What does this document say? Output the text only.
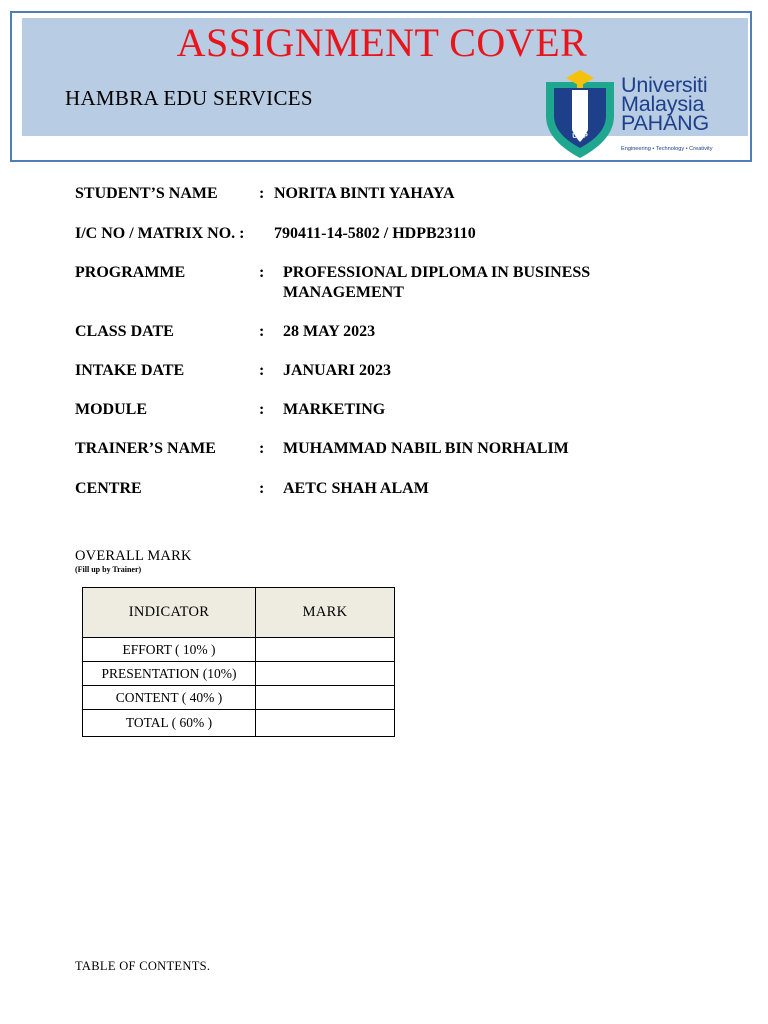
ASSIGNMENT COVER
HAMBRA EDU SERVICES
UMP
Universiti
Malaysia
PAHANG
Engineering • Technology • Creativity
STUDENT’S NAME	: NORITA BINTI YAHAYA
I/C NO / MATRIX NO. : 790411-14-5802 / HDPB23110
PROGRAMME	: PROFESSIONAL DIPLOMA IN BUSINESS MANAGEMENT
CLASS DATE	: 28 MAY 2023
INTAKE DATE	: JANUARI 2023
MODULE	: MARKETING
TRAINER’S NAME	: MUHAMMAD NABIL BIN NORHALIM
CENTRE	: AETC SHAH ALAM
OVERALL MARK
(Fill up by Trainer)
INDICATOR	MARK
EFFORT ( 10% )	
PRESENTATION (10%)	
CONTENT ( 40% )	
TOTAL ( 60% )	
TABLE OF CONTENTS.
